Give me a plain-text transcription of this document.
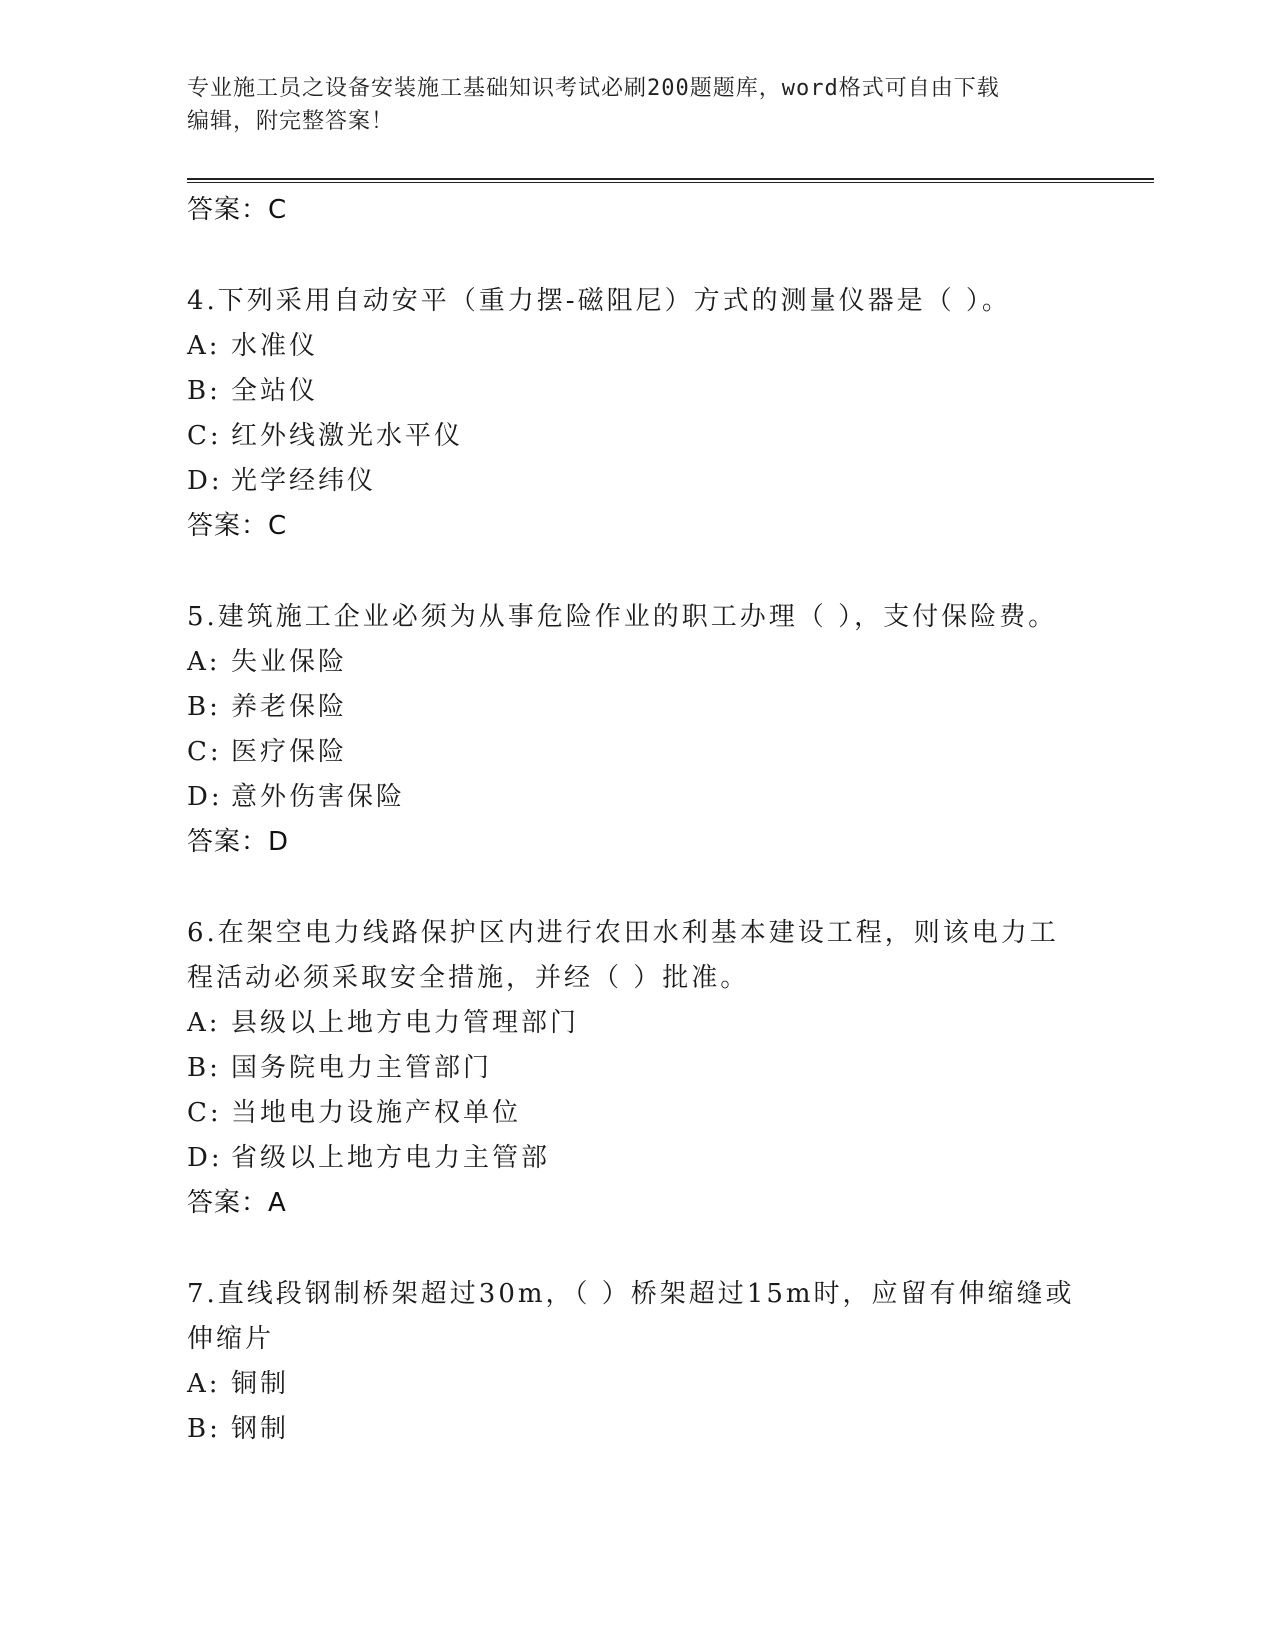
专业施工员之设备安装施工基础知识考试必刷200题题库，word格式可自由下载
编辑，附完整答案！

答案：C

4.下列采用自动安平（重力摆-磁阻尼）方式的测量仪器是（ ）。

A: 水准仪
B: 全站仪
C: 红外线激光水平仪
D: 光学经纬仪

答案：C

5.建筑施工企业必须为从事危险作业的职工办理（ ），支付保险费。

A: 失业保险
B: 养老保险
C: 医疗保险
D: 意外伤害保险

答案：D

6.在架空电力线路保护区内进行农田水利基本建设工程，则该电力工程活动必须采取安全措施，并经（ ）批准。

A: 县级以上地方电力管理部门
B: 国务院电力主管部门
C: 当地电力设施产权单位
D: 省级以上地方电力主管部

答案：A

7.直线段钢制桥架超过30m，（ ）桥架超过15m时，应留有伸缩缝或伸缩片

A: 铜制
B: 钢制
